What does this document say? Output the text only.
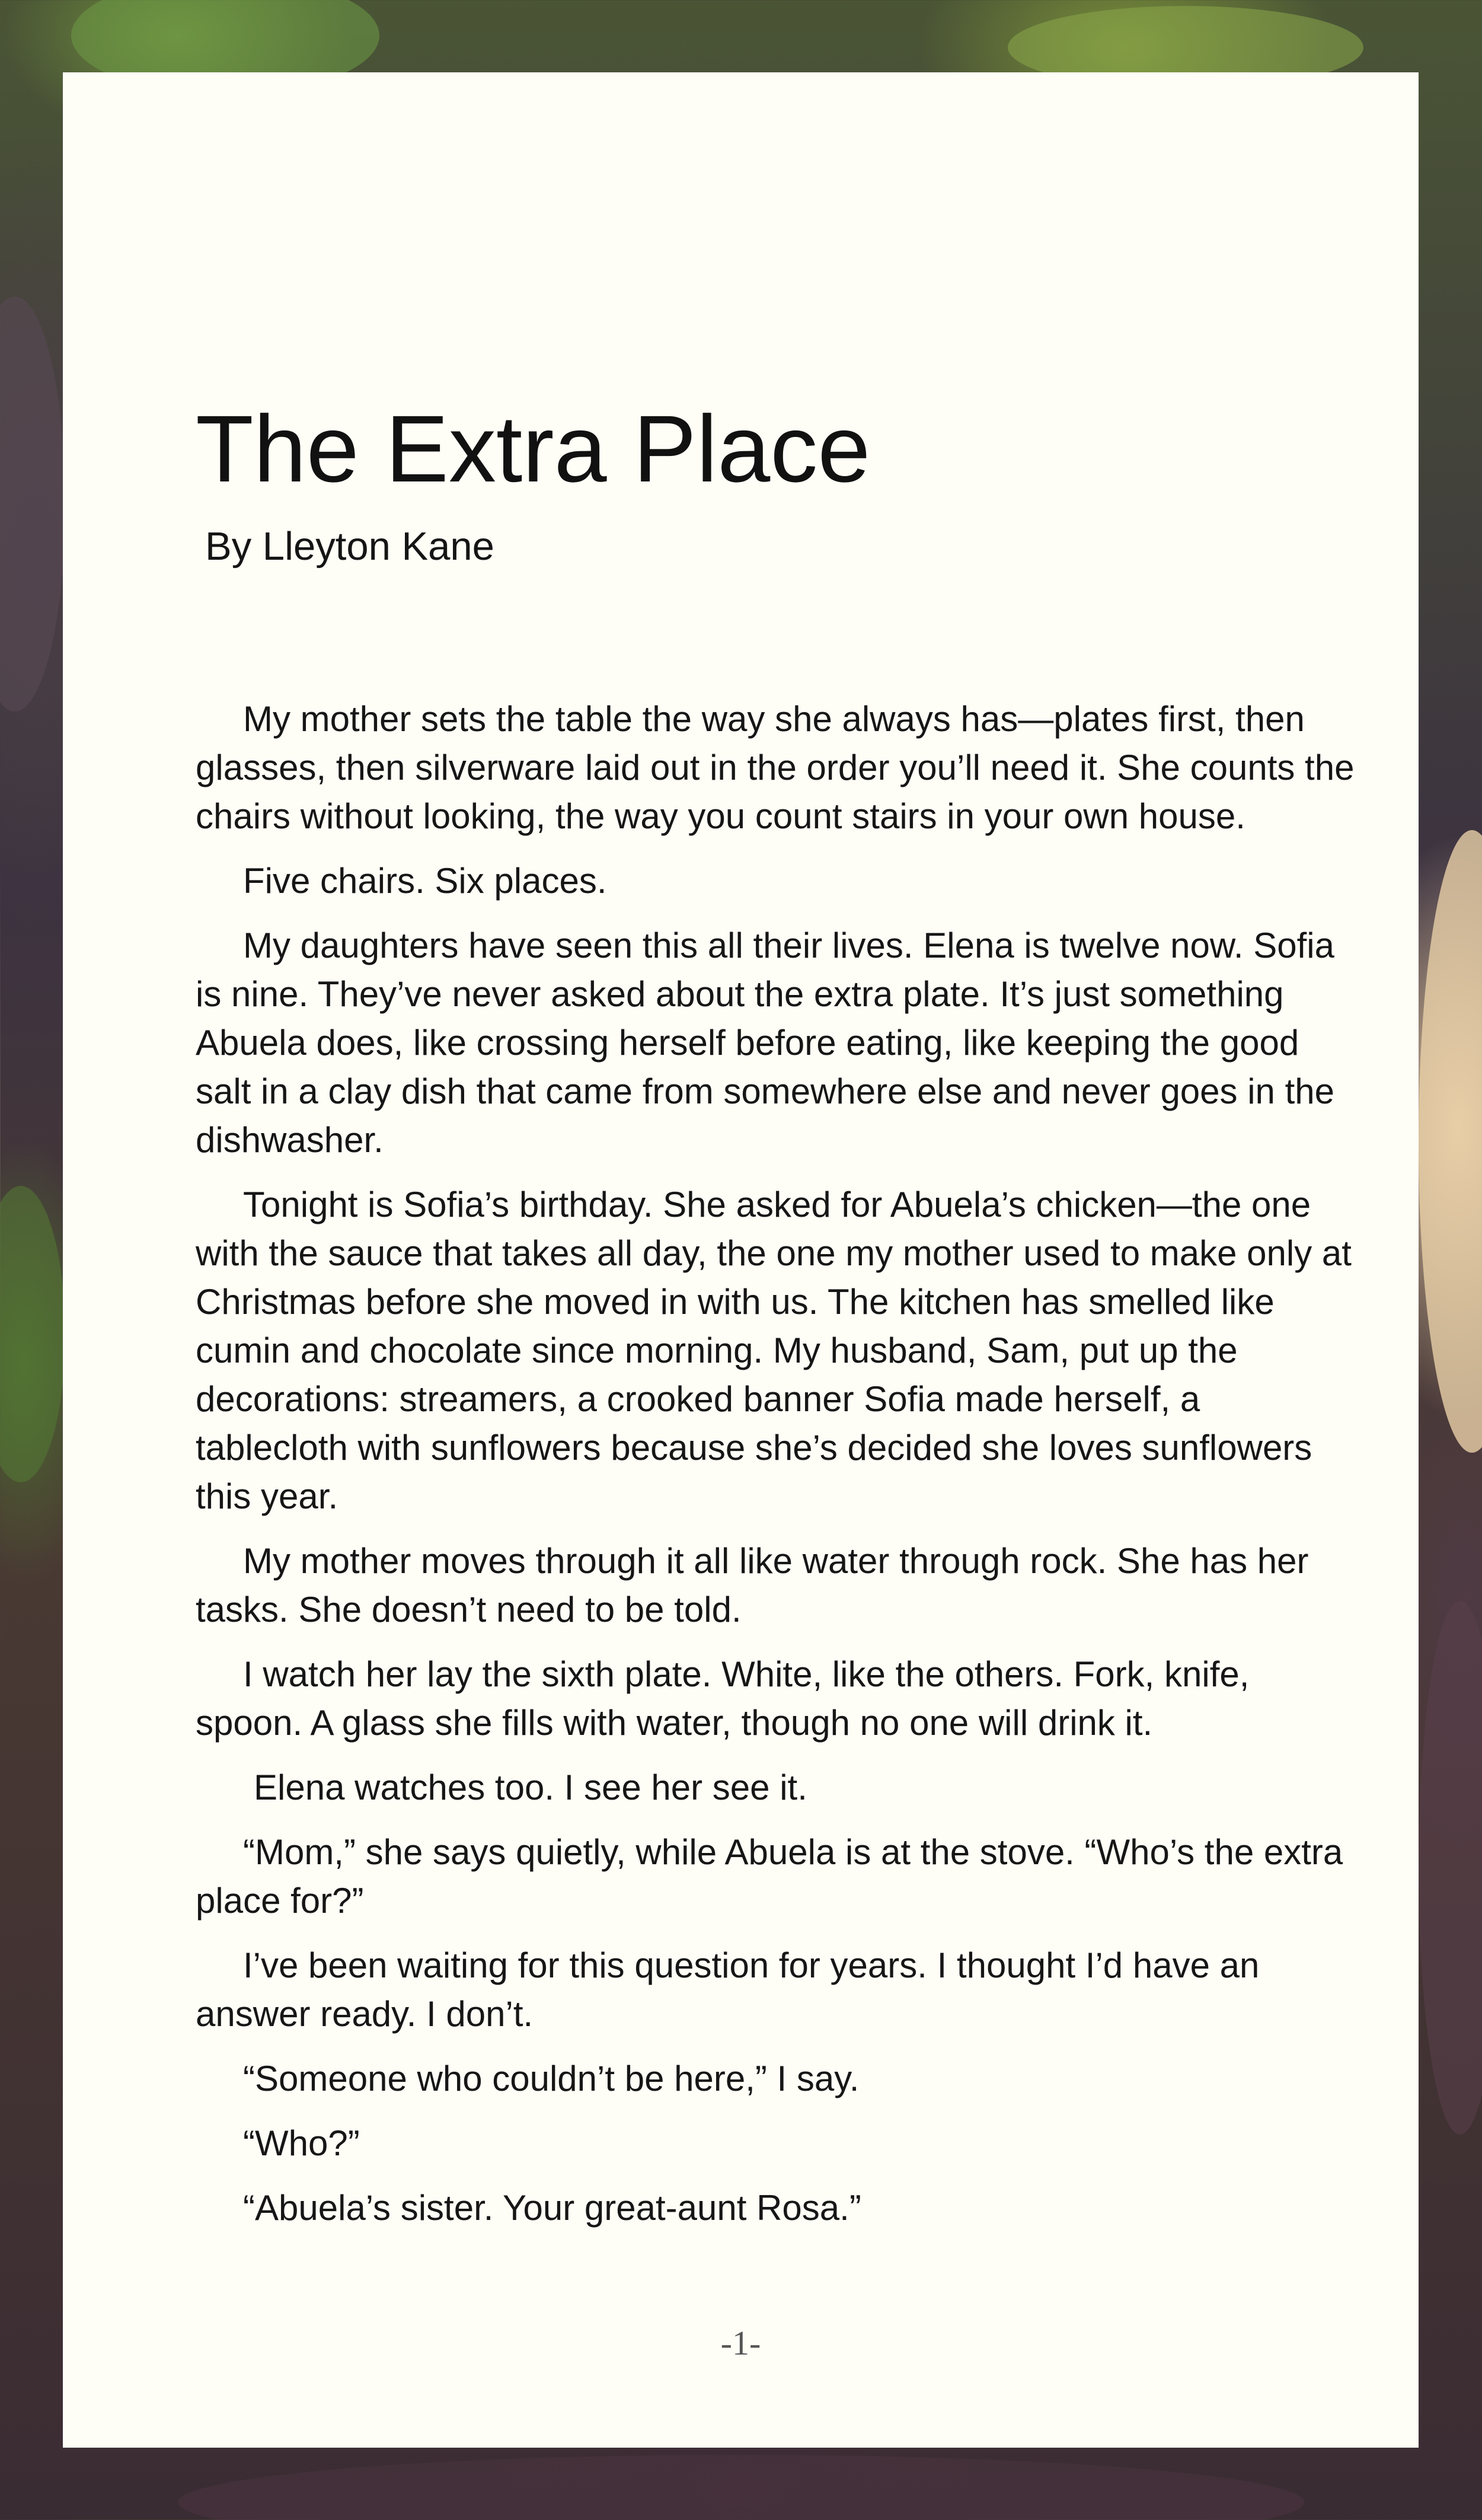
The Extra Place
By Lleyton Kane

My mother sets the table the way she always has—plates first, then glasses, then silverware laid out in the order you’ll need it. She counts the chairs without looking, the way you count stairs in your own house.

Five chairs. Six places.

My daughters have seen this all their lives. Elena is twelve now. Sofia is nine. They’ve never asked about the extra plate. It’s just something Abuela does, like crossing herself before eating, like keeping the good salt in a clay dish that came from somewhere else and never goes in the dishwasher.

Tonight is Sofia’s birthday. She asked for Abuela’s chicken—the one with the sauce that takes all day, the one my mother used to make only at Christmas before she moved in with us. The kitchen has smelled like cumin and chocolate since morning. My husband, Sam, put up the decorations: streamers, a crooked banner Sofia made herself, a tablecloth with sunflowers because she’s decided she loves sunflowers this year.

My mother moves through it all like water through rock. She has her tasks. She doesn’t need to be told.

I watch her lay the sixth plate. White, like the others. Fork, knife, spoon. A glass she fills with water, though no one will drink it.

Elena watches too. I see her see it.

“Mom,” she says quietly, while Abuela is at the stove. “Who’s the extra place for?”

I’ve been waiting for this question for years. I thought I’d have an answer ready. I don’t.

“Someone who couldn’t be here,” I say.

“Who?”

“Abuela’s sister. Your great-aunt Rosa.”

-1-
